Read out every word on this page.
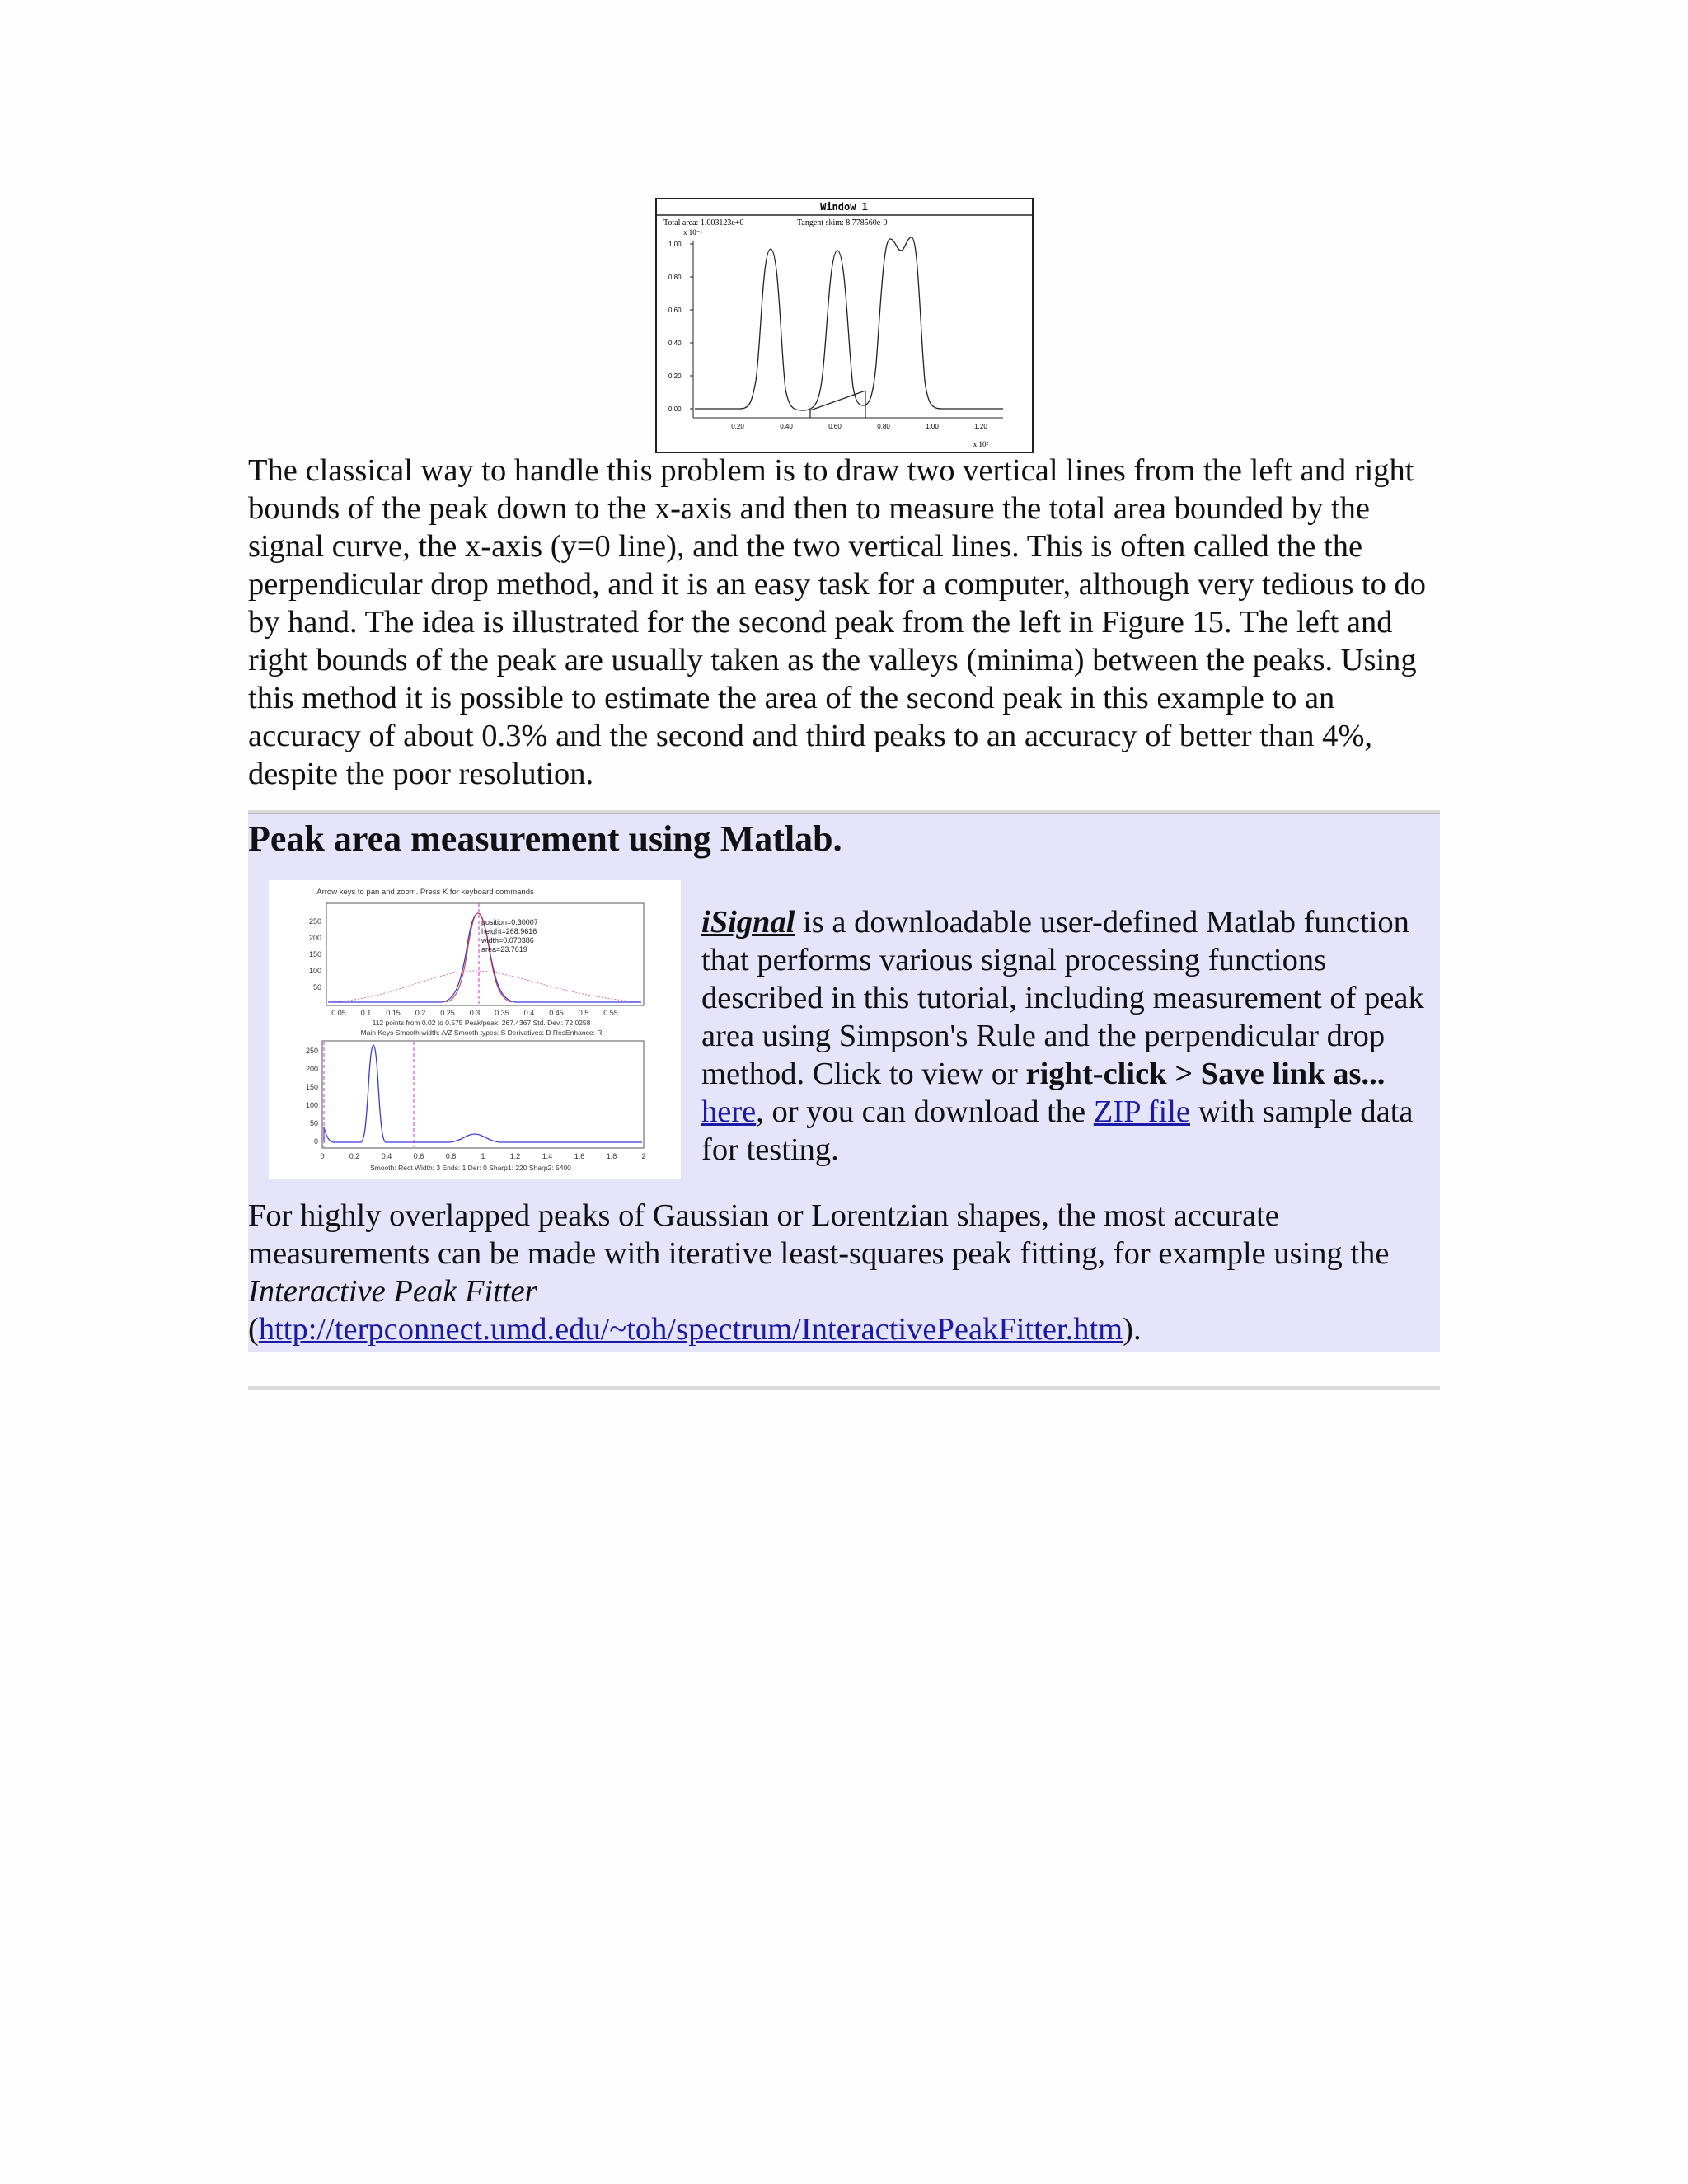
Window 1
Total area: 1.003123e+0	Tangent skim: 8.778560e-0
x 10⁻¹
1.00
0.80
0.60
0.40
0.20
0.00
0.20	0.40	0.60	0.80	1.00	1.20
x 10²

The classical way to handle this problem is to draw two vertical lines from the left and right bounds of the peak down to the x-axis and then to measure the total area bounded by the signal curve, the x-axis (y=0 line), and the two vertical lines. This is often called the the perpendicular drop method, and it is an easy task for a computer, although very tedious to do by hand. The idea is illustrated for the second peak from the left in Figure 15. The left and right bounds of the peak are usually taken as the valleys (minima) between the peaks. Using this method it is possible to estimate the area of the second peak in this example to an accuracy of about 0.3% and the second and third peaks to an accuracy of better than 4%, despite the poor resolution.

Peak area measurement using Matlab.
Arrow keys to pan and zoom. Press K for keyboard commands
250
200
150
100
50
0.05 0.1 0.15 0.2 0.25 0.3 0.35 0.4 0.45 0.5 0.55
position=0.30007
height=268.9616
width=0.070386
area=23.7619
112 points from 0.02 to 0.575 Peak/peak: 267.4367 Std. Dev.: 72.0258
Main Keys Smooth width: A/Z Smooth types: S Derivatives: D ResEnhance: R
250
200
150
100
50
0
0	0.2	0.4	0.6	0.8	1	1.2	1.4	1.6	1.8	2
Smooth: Rect Width: 3 Ends: 1 Der: 0 Sharp1: 220 Sharp2: 5400

iSignal is a downloadable user-defined Matlab function that performs various signal processing functions described in this tutorial, including measurement of peak area using Simpson's Rule and the perpendicular drop method. Click to view or right-click > Save link as... here, or you can download the ZIP file with sample data for testing.

For highly overlapped peaks of Gaussian or Lorentzian shapes, the most accurate measurements can be made with iterative least-squares peak fitting, for example using the Interactive Peak Fitter
(http://terpconnect.umd.edu/~toh/spectrum/InteractivePeakFitter.htm).
